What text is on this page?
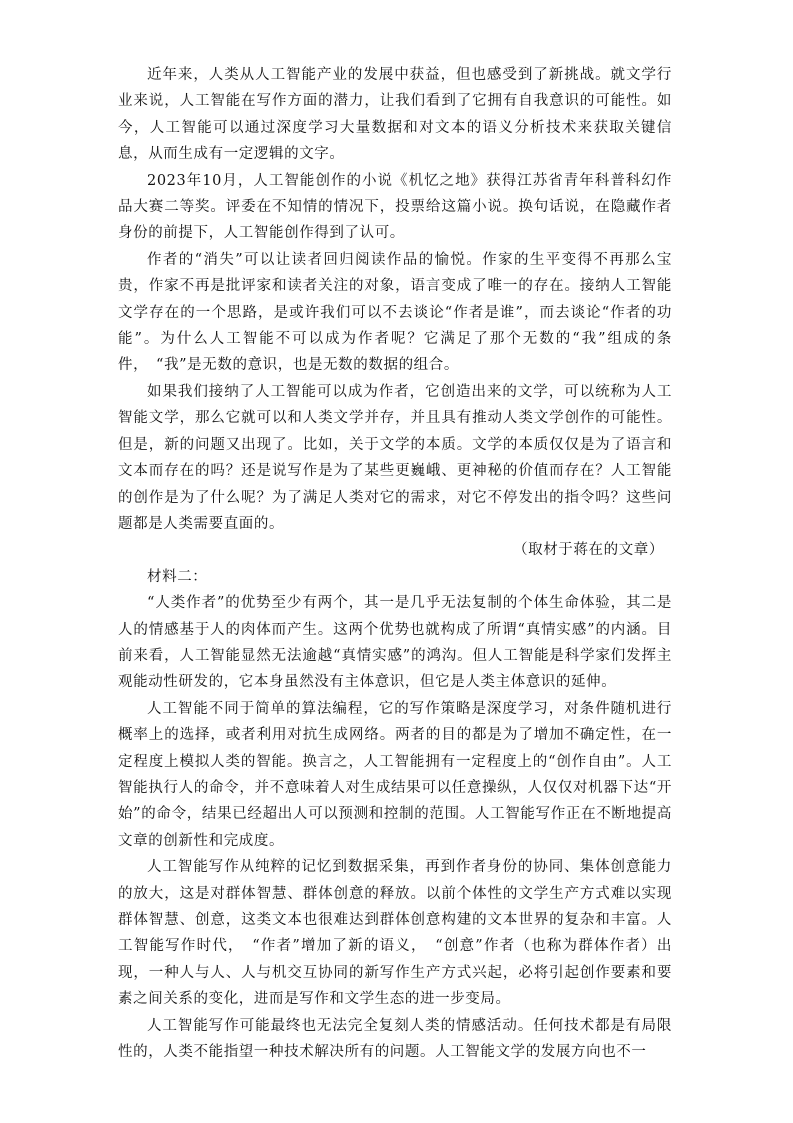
近年来，人类从人工智能产业的发展中获益，但也感受到了新挑战。就文学行业来说，人工智能在写作方面的潜力，让我们看到了它拥有自我意识的可能性。如今，人工智能可以通过深度学习大量数据和对文本的语义分析技术来获取关键信息，从而生成有一定逻辑的文字。

2023年10月，人工智能创作的小说《机忆之地》获得江苏省青年科普科幻作品大赛二等奖。评委在不知情的情况下，投票给这篇小说。换句话说，在隐藏作者身份的前提下，人工智能创作得到了认可。

作者的“消失”可以让读者回归阅读作品的愉悦。作家的生平变得不再那么宝贵，作家不再是批评家和读者关注的对象，语言变成了唯一的存在。接纳人工智能文学存在的一个思路，是或许我们可以不去谈论“作者是谁”，而去谈论“作者的功能”。为什么人工智能不可以成为作者呢？它满足了那个无数的“我”组成的条件，　“我”是无数的意识，也是无数的数据的组合。

如果我们接纳了人工智能可以成为作者，它创造出来的文学，可以统称为人工智能文学，那么它就可以和人类文学并存，并且具有推动人类文学创作的可能性。但是，新的问题又出现了。比如，关于文学的本质。文学的本质仅仅是为了语言和文本而存在的吗？还是说写作是为了某些更巍峨、更神秘的价值而存在？人工智能的创作是为了什么呢？为了满足人类对它的需求，对它不停发出的指令吗？这些问题都是人类需要直面的。

（取材于蒋在的文章）

材料二：

“人类作者”的优势至少有两个，其一是几乎无法复制的个体生命体验，其二是人的情感基于人的肉体而产生。这两个优势也就构成了所谓“真情实感”的内涵。目前来看，人工智能显然无法逾越“真情实感”的鸿沟。但人工智能是科学家们发挥主观能动性研发的，它本身虽然没有主体意识，但它是人类主体意识的延伸。

人工智能不同于简单的算法编程，它的写作策略是深度学习，对条件随机进行概率上的选择，或者利用对抗生成网络。两者的目的都是为了增加不确定性，在一定程度上模拟人类的智能。换言之，人工智能拥有一定程度上的“创作自由”。人工智能执行人的命令，并不意味着人对生成结果可以任意操纵，人仅仅对机器下达“开始”的命令，结果已经超出人可以预测和控制的范围。人工智能写作正在不断地提高文章的创新性和完成度。

人工智能写作从纯粹的记忆到数据采集，再到作者身份的协同、集体创意能力的放大，这是对群体智慧、群体创意的释放。以前个体性的文学生产方式难以实现群体智慧、创意，这类文本也很难达到群体创意构建的文本世界的复杂和丰富。人工智能写作时代，　“作者”增加了新的语义，　“创意”作者（也称为群体作者）出现，一种人与人、人与机交互协同的新写作生产方式兴起，必将引起创作要素和要素之间关系的变化，进而是写作和文学生态的进一步变局。

人工智能写作可能最终也无法完全复刻人类的情感活动。任何技术都是有局限性的，人类不能指望一种技术解决所有的问题。人工智能文学的发展方向也不一
